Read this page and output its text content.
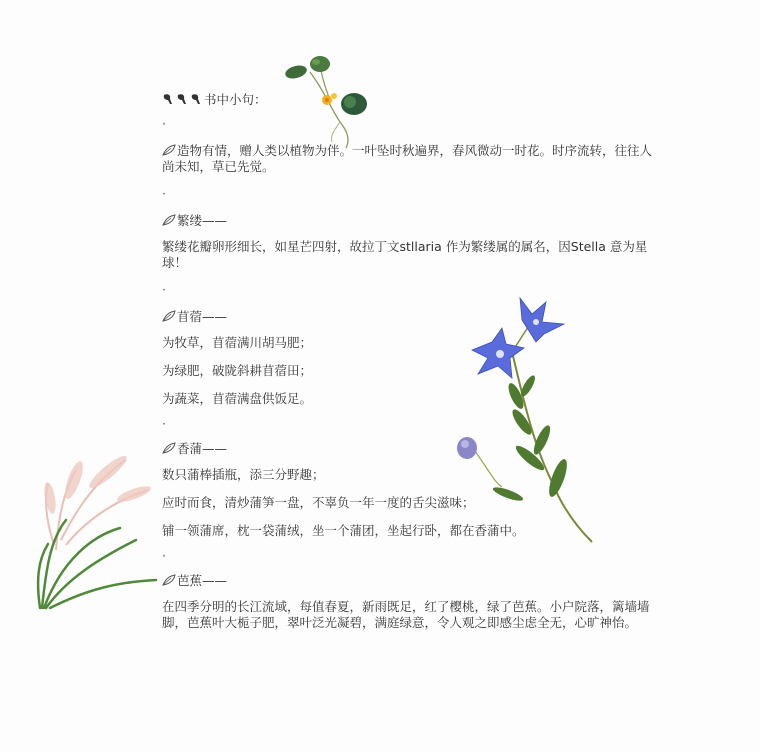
书中小句：

·

造物有情，赠人类以植物为伴。一叶坠时秋遍界，春风微动一时花。时序流转，往往人尚未知，草已先觉。

·

繁缕——

繁缕花瓣卵形细长，如星芒四射，故拉丁文stllaria 作为繁缕属的属名，因Stella 意为星球！

·

苜蓿——

为牧草，苜蓿满川胡马肥；

为绿肥，破陇斜耕苜蓿田；

为蔬菜，苜蓿满盘供饭足。

·

香蒲——

数只蒲棒插瓶，添三分野趣；

应时而食，清炒蒲笋一盘，不辜负一年一度的舌尖滋味；

铺一领蒲席，枕一袋蒲绒，坐一个蒲团，坐起行卧，都在香蒲中。

·

芭蕉——

在四季分明的长江流域，每值春夏，新雨既足，红了樱桃，绿了芭蕉。小户院落，篱墙墙脚，芭蕉叶大栀子肥，翠叶泛光凝碧，满庭绿意，令人观之即感尘虑全无，心旷神怡。
